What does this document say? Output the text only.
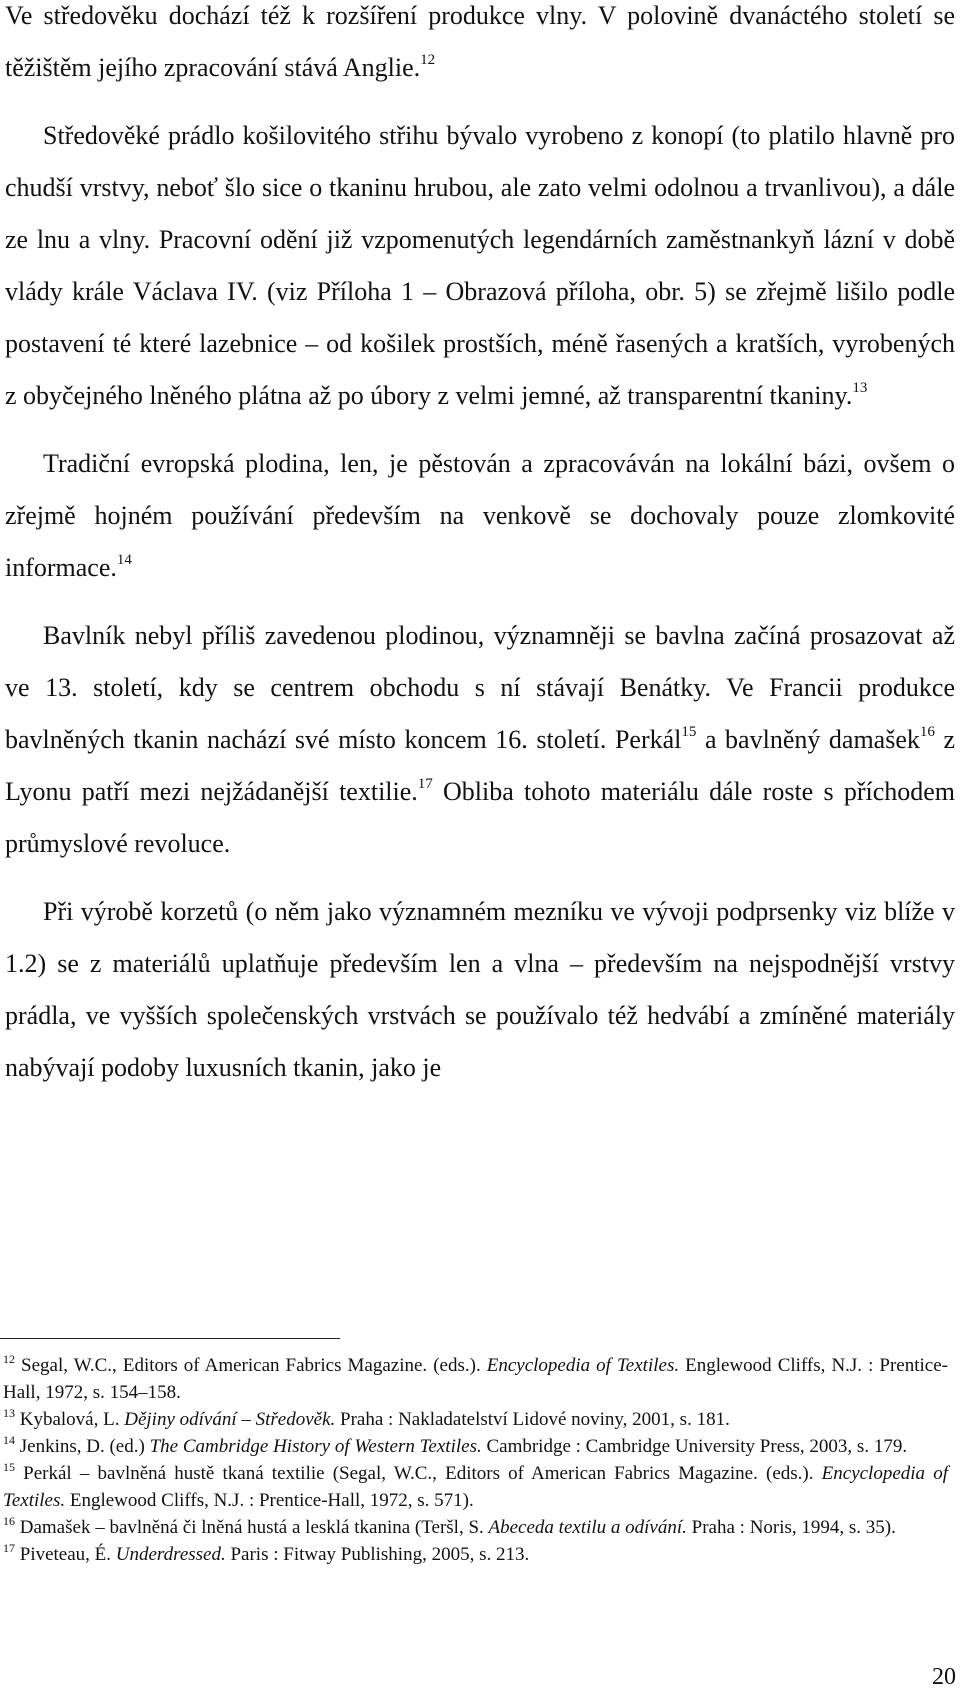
Ve středověku dochází též k rozšíření produkce vlny. V polovině dvanáctého století se těžištěm jejího zpracování stává Anglie.$^{12}$

Středověké prádlo košilovitého střihu bývalo vyrobeno z konopí (to platilo hlavně pro chudší vrstvy, neboť šlo sice o tkaninu hrubou, ale zato velmi odolnou a trvanlivou), a dále ze lnu a vlny. Pracovní odění již vzpomenutých legendárních zaměstnankyň lázní v době vlády krále Václava IV. (viz Příloha 1 – Obrazová příloha, obr. 5) se zřejmě lišilo podle postavení té které lazebnice – od košilek prostších, méně řasených a kratších, vyrobených z obyčejného lněného plátna až po úbory z velmi jemné, až transparentní tkaniny.$^{13}$

Tradiční evropská plodina, len, je pěstován a zpracováván na lokální bázi, ovšem o zřejmě hojném používání především na venkově se dochovaly pouze zlomkovité informace.$^{14}$

Bavlník nebyl příliš zavedenou plodinou, významněji se bavlna začíná prosazovat až ve 13. století, kdy se centrem obchodu s ní stávají Benátky. Ve Francii produkce bavlněných tkanin nachází své místo koncem 16. století. Perkál$^{15}$ a bavlněný damašek$^{16}$ z Lyonu patří mezi nejžádanější textilie.$^{17}$ Obliba tohoto materiálu dále roste s příchodem průmyslové revoluce.

Při výrobě korzetů (o něm jako významném mezníku ve vývoji podprsenky viz blíže v 1.2) se z materiálů uplatňuje především len a vlna – především na nejspodnější vrstvy prádla, ve vyšších společenských vrstvách se používalo též hedvábí a zmíněné materiály nabývají podoby luxusních tkanin, jako je

$^{12}$ Segal, W.C., Editors of American Fabrics Magazine. (eds.). Encyclopedia of Textiles. Englewood Cliffs, N.J. : Prentice-Hall, 1972, s. 154–158.

$^{13}$ Kybalová, L. Dějiny odívání – Středověk. Praha : Nakladatelství Lidové noviny, 2001, s. 181.

$^{14}$ Jenkins, D. (ed.) The Cambridge History of Western Textiles. Cambridge : Cambridge University Press, 2003, s. 179.

$^{15}$ Perkál – bavlněná hustě tkaná textilie (Segal, W.C., Editors of American Fabrics Magazine. (eds.). Encyclopedia of Textiles. Englewood Cliffs, N.J. : Prentice-Hall, 1972, s. 571).

$^{16}$ Damašek – bavlněná či lněná hustá a lesklá tkanina (Teršl, S. Abeceda textilu a odívání. Praha : Noris, 1994, s. 35).

$^{17}$ Piveteau, É. Underdressed. Paris : Fitway Publishing, 2005, s. 213.

20
